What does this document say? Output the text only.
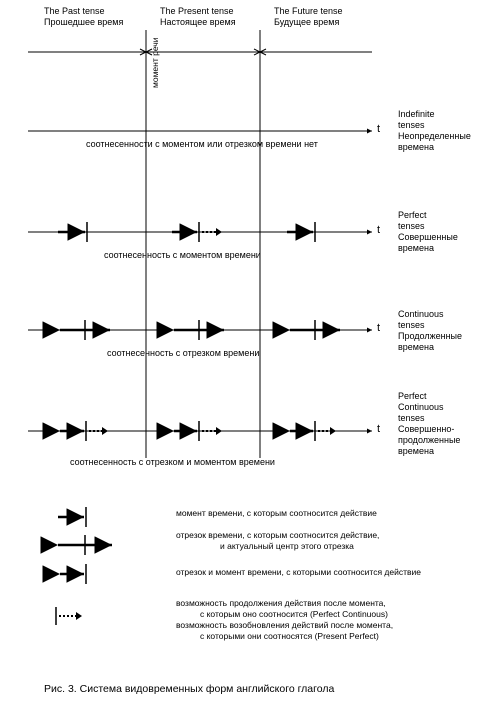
The Past tense
Прошедшее время
The Present tense
Настоящее время
The Future tense
Будущее время
момент речи
t
t
t
t
соотнесенности с моментом или отрезком времени нет
соотнесенность с моментом времени
соотнесенность с отрезком времени
соотнесенность с отрезком и моментом времени
Indefinite
tenses
Неопределенные
времена
Perfect
tenses
Совершенные
времена
Continuous
tenses
Продолженные
времена
Perfect
Continuous
tenses
Совершенно-
продолженные
времена
момент времени, с которым соотносится действие
отрезок времени, с которым соотносится действие,
и актуальный центр этого отрезка
отрезок и момент времени, с которыми соотносится действие
возможность продолжения действия после момента,
с которым оно соотносится (Perfect Continuous)
возможность возобновления действий после момента,
с которыми они соотносятся (Present Perfect)
Рис. 3. Система видовременных форм английского глагола
